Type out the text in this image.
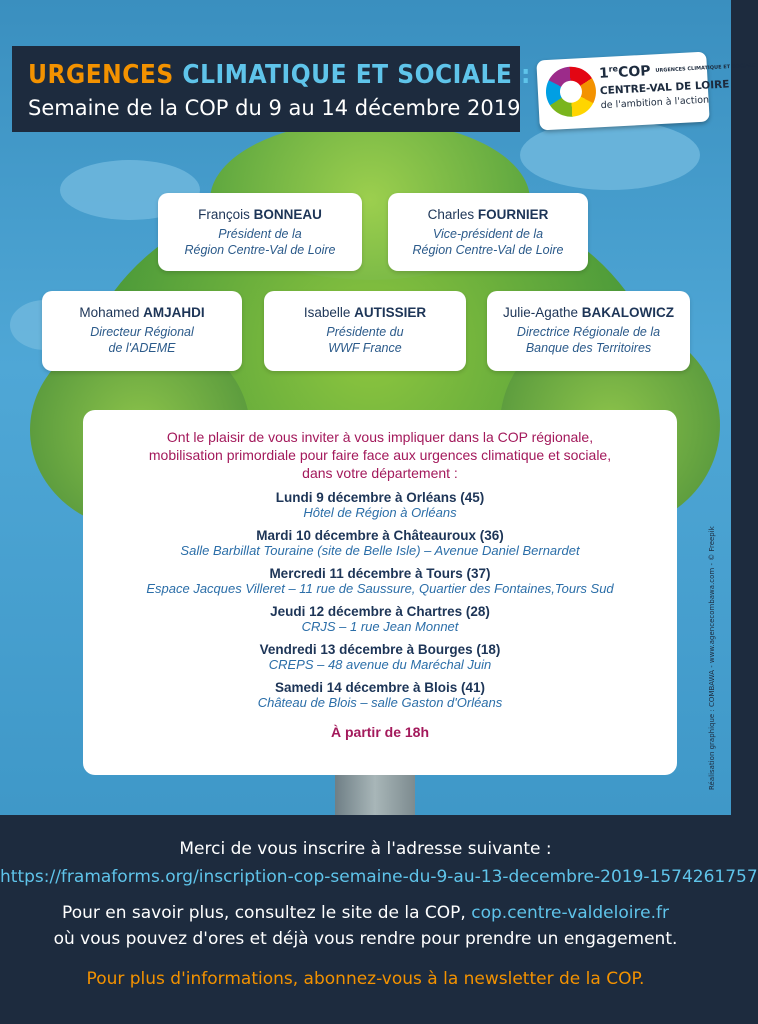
URGENCES CLIMATIQUE ET SOCIALE :
Semaine de la COP du 9 au 14 décembre 2019
1reCOP URGENCES CLIMATIQUE ET SOCIALE
CENTRE-VAL DE LOIRE
de l'ambition à l'action
François BONNEAU
Président de la
Région Centre-Val de Loire
Charles FOURNIER
Vice-président de la
Région Centre-Val de Loire
Mohamed AMJAHDI
Directeur Régional
de l'ADEME
Isabelle AUTISSIER
Présidente du
WWF France
Julie-Agathe BAKALOWICZ
Directrice Régionale de la
Banque des Territoires
Ont le plaisir de vous inviter à vous impliquer dans la COP régionale,
mobilisation primordiale pour faire face aux urgences climatique et sociale,
dans votre département :
Lundi 9 décembre à Orléans (45)
Hôtel de Région à Orléans
Mardi 10 décembre à Châteauroux (36)
Salle Barbillat Touraine (site de Belle Isle) – Avenue Daniel Bernardet
Mercredi 11 décembre à Tours (37)
Espace Jacques Villeret – 11 rue de Saussure, Quartier des Fontaines,Tours Sud
Jeudi 12 décembre à Chartres (28)
CRJS – 1 rue Jean Monnet
Vendredi 13 décembre à Bourges (18)
CREPS – 48 avenue du Maréchal Juin
Samedi 14 décembre à Blois (41)
Château de Blois – salle Gaston d'Orléans
À partir de 18h	Réalisation graphique : COMBAWA - www.agencecombawa.com - © Freepik
Merci de vous inscrire à l'adresse suivante :
https://framaforms.org/inscription-cop-semaine-du-9-au-13-decembre-2019-1574261757
Pour en savoir plus, consultez le site de la COP, cop.centre-valdeloire.fr
où vous pouvez d'ores et déjà vous rendre pour prendre un engagement.
Pour plus d'informations, abonnez-vous à la newsletter de la COP.
